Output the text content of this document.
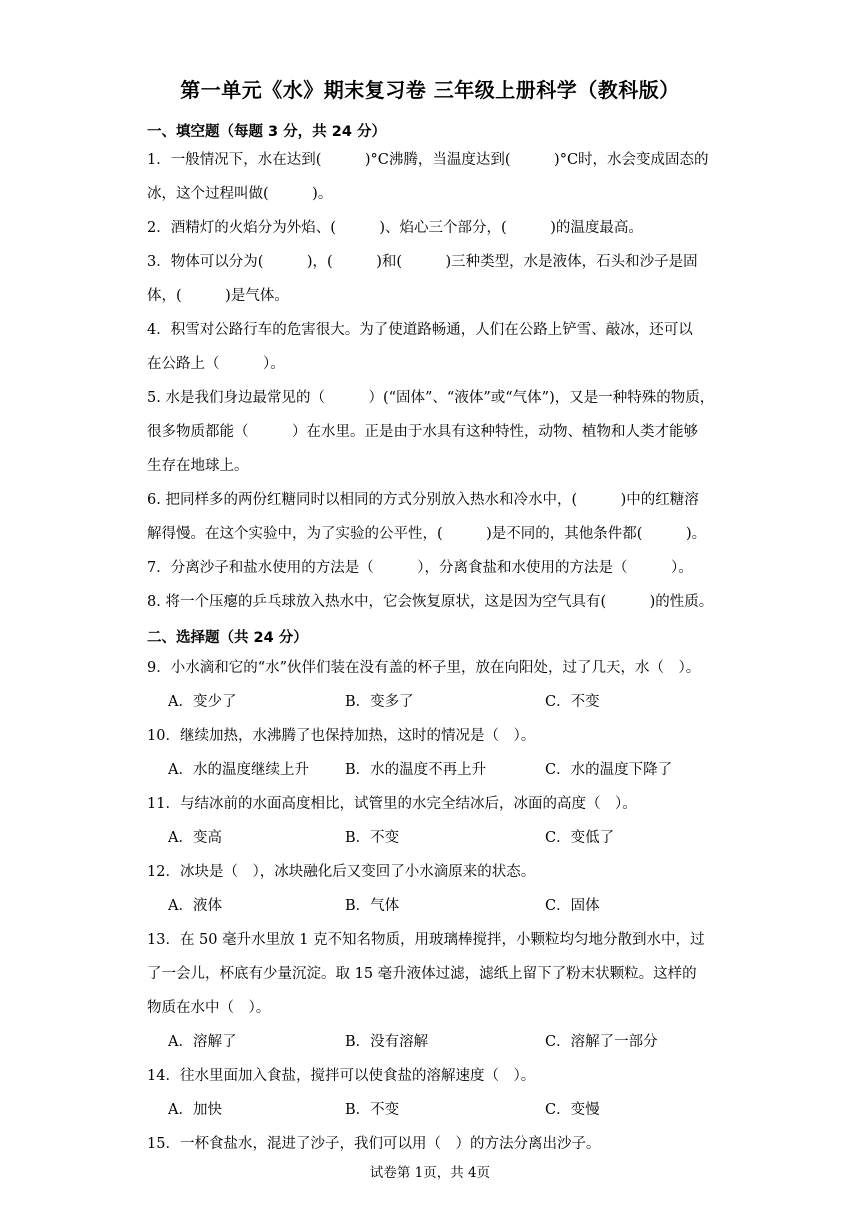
第一单元《水》期末复习卷 三年级上册科学（教科版）
一、填空题（每题 3 分，共 24 分）
1．一般情况下，水在达到(　　　)°C沸腾，当温度达到(　　　)°C时，水会变成固态的
冰，这个过程叫做(　　　)。
2．酒精灯的火焰分为外焰、(　　　)、焰心三个部分，(　　　)的温度最高。
3．物体可以分为(　　　)，(　　　)和(　　　)三种类型，水是液体，石头和沙子是固
体，(　　　)是气体。
4．积雪对公路行车的危害很大。为了使道路畅通，人们在公路上铲雪、敲冰，还可以
在公路上（　　　）。
5. 水是我们身边最常见的（　　　）(“固体”、“液体”或“气体”)，又是一种特殊的物质，
很多物质都能（　　　）在水里。正是由于水具有这种特性，动物、植物和人类才能够
生存在地球上。
6. 把同样多的两份红糖同时以相同的方式分别放入热水和冷水中，(　　　)中的红糖溶
解得慢。在这个实验中，为了实验的公平性，(　　　)是不同的，其他条件都(　　　)。
7．分离沙子和盐水使用的方法是（　　　），分离食盐和水使用的方法是（　　　）。
8. 将一个压瘪的乒乓球放入热水中，它会恢复原状，这是因为空气具有(　　　)的性质。
二、选择题（共 24 分）
9．小水滴和它的“水”伙伴们装在没有盖的杯子里，放在向阳处，过了几天，水（　）。
A．变少了	B．变多了	C．不变
10．继续加热，水沸腾了也保持加热，这时的情况是（　）。
A．水的温度继续上升 B．水的温度不再上升	C．水的温度下降了
11．与结冰前的水面高度相比，试管里的水完全结冰后，冰面的高度（　）。
A．变高	B．不变	C．变低了
12．冰块是（　），冰块融化后又变回了小水滴原来的状态。
A．液体	B．气体	C．固体
13．在 50 毫升水里放 1 克不知名物质，用玻璃棒搅拌，小颗粒均匀地分散到水中，过
了一会儿，杯底有少量沉淀。取 15 毫升液体过滤，滤纸上留下了粉末状颗粒。这样的
物质在水中（　）。
A．溶解了	B．没有溶解	C．溶解了一部分
14．往水里面加入食盐，搅拌可以使食盐的溶解速度（　）。
A．加快	B．不变	C．变慢
15．一杯食盐水，混进了沙子，我们可以用（　）的方法分离出沙子。
试卷第 1页，共 4页
